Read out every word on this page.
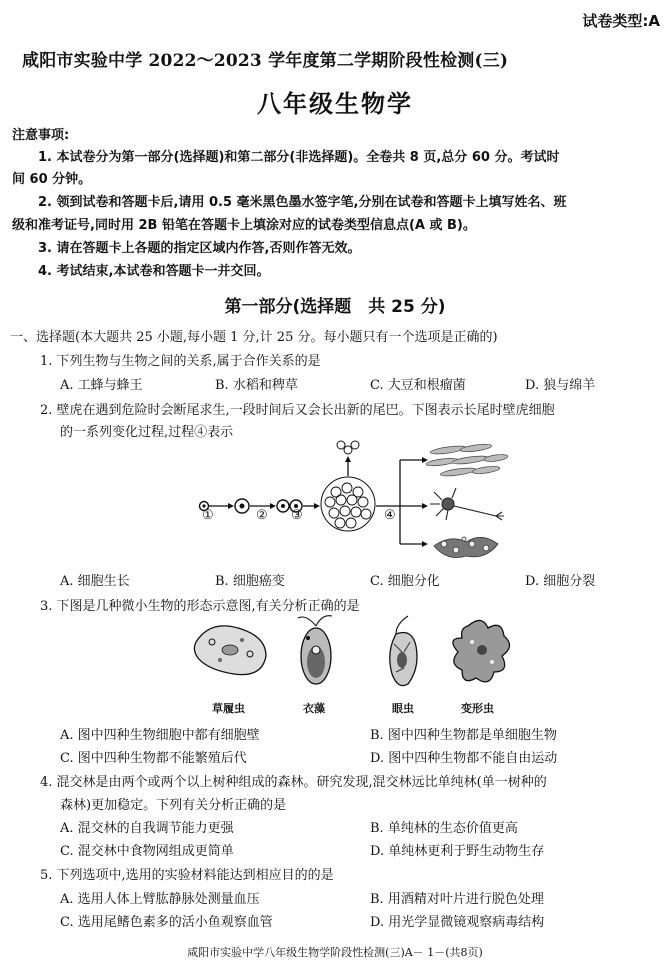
试卷类型:A
咸阳市实验中学 2022～2023 学年度第二学期阶段性检测(三)
八年级生物学
注意事项:
1. 本试卷分为第一部分(选择题)和第二部分(非选择题)。全卷共 8 页,总分 60 分。考试时
间 60 分钟。
2. 领到试卷和答题卡后,请用 0.5 毫米黑色墨水签字笔,分别在试卷和答题卡上填写姓名、班
级和准考证号,同时用 2B 铅笔在答题卡上填涂对应的试卷类型信息点(A 或 B)。
3. 请在答题卡上各题的指定区域内作答,否则作答无效。
4. 考试结束,本试卷和答题卡一并交回。
第一部分(选择题　共 25 分)
一、选择题(本大题共 25 小题,每小题 1 分,计 25 分。每小题只有一个选项是正确的)
1. 下列生物与生物之间的关系,属于合作关系的是
A. 工蜂与蜂王	B. 水稻和稗草	C. 大豆和根瘤菌	D. 狼与绵羊
2. 壁虎在遇到危险时会断尾求生,一段时间后又会长出新的尾巴。下图表示长尾时壁虎细胞
的一系列变化过程,过程④表示
①	② ③	④
A. 细胞生长	B. 细胞癌变	C. 细胞分化	D. 细胞分裂
3. 下图是几种微小生物的形态示意图,有关分析正确的是
草履虫	衣藻	眼虫	变形虫
A. 图中四种生物细胞中都有细胞壁	B. 图中四种生物都是单细胞生物
C. 图中四种生物都不能繁殖后代	D. 图中四种生物都不能自由运动
4. 混交林是由两个或两个以上树种组成的森林。研究发现,混交林远比单纯林(单一树种的
森林)更加稳定。下列有关分析正确的是
A. 混交林的自我调节能力更强	B. 单纯林的生态价值更高
C. 混交林中食物网组成更简单	D. 单纯林更利于野生动物生存
5. 下列选项中,选用的实验材料能达到相应目的的是
A. 选用人体上臂肱静脉处测量血压	B. 用酒精对叶片进行脱色处理
C. 选用尾鳍色素多的活小鱼观察血管	D. 用光学显微镜观察病毒结构
咸阳市实验中学八年级生物学阶段性检测(三)A－ 1－(共8页)
